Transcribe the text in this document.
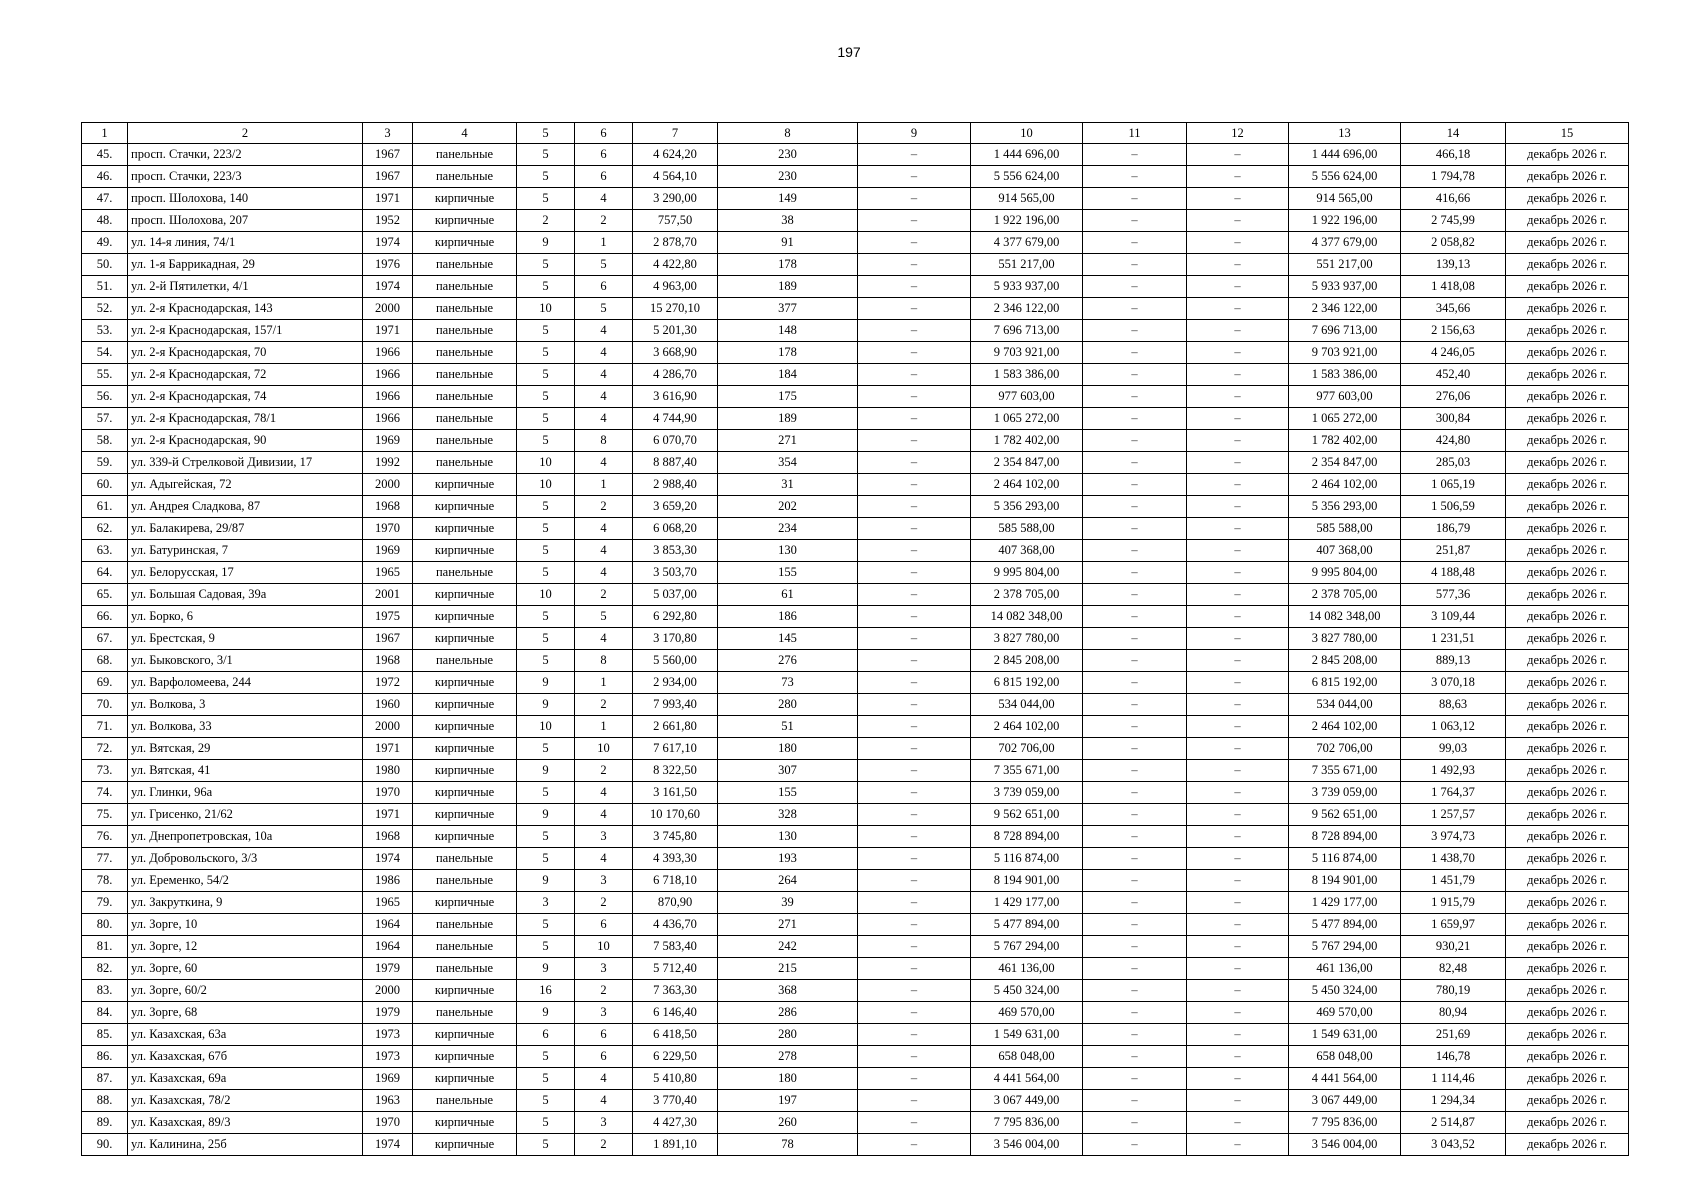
197
1	2	3	4	5	6	7	8	9	10	11	12	13	14	15
45.	просп. Стачки, 223/2	1967	панельные	5	6	4 624,20	230	–	1 444 696,00	–	–	1 444 696,00	466,18	декабрь 2026 г.
46.	просп. Стачки, 223/3	1967	панельные	5	6	4 564,10	230	–	5 556 624,00	–	–	5 556 624,00	1 794,78	декабрь 2026 г.
47.	просп. Шолохова, 140	1971	кирпичные	5	4	3 290,00	149	–	914 565,00	–	–	914 565,00	416,66	декабрь 2026 г.
48.	просп. Шолохова, 207	1952	кирпичные	2	2	757,50	38	–	1 922 196,00	–	–	1 922 196,00	2 745,99	декабрь 2026 г.
49.	ул. 14-я линия, 74/1	1974	кирпичные	9	1	2 878,70	91	–	4 377 679,00	–	–	4 377 679,00	2 058,82	декабрь 2026 г.
50.	ул. 1-я Баррикадная, 29	1976	панельные	5	5	4 422,80	178	–	551 217,00	–	–	551 217,00	139,13	декабрь 2026 г.
51.	ул. 2-й Пятилетки, 4/1	1974	панельные	5	6	4 963,00	189	–	5 933 937,00	–	–	5 933 937,00	1 418,08	декабрь 2026 г.
52.	ул. 2-я Краснодарская, 143	2000	панельные	10	5	15 270,10	377	–	2 346 122,00	–	–	2 346 122,00	345,66	декабрь 2026 г.
53.	ул. 2-я Краснодарская, 157/1	1971	панельные	5	4	5 201,30	148	–	7 696 713,00	–	–	7 696 713,00	2 156,63	декабрь 2026 г.
54.	ул. 2-я Краснодарская, 70	1966	панельные	5	4	3 668,90	178	–	9 703 921,00	–	–	9 703 921,00	4 246,05	декабрь 2026 г.
55.	ул. 2-я Краснодарская, 72	1966	панельные	5	4	4 286,70	184	–	1 583 386,00	–	–	1 583 386,00	452,40	декабрь 2026 г.
56.	ул. 2-я Краснодарская, 74	1966	панельные	5	4	3 616,90	175	–	977 603,00	–	–	977 603,00	276,06	декабрь 2026 г.
57.	ул. 2-я Краснодарская, 78/1	1966	панельные	5	4	4 744,90	189	–	1 065 272,00	–	–	1 065 272,00	300,84	декабрь 2026 г.
58.	ул. 2-я Краснодарская, 90	1969	панельные	5	8	6 070,70	271	–	1 782 402,00	–	–	1 782 402,00	424,80	декабрь 2026 г.
59.	ул. 339-й Стрелковой Дивизии, 17	1992	панельные	10	4	8 887,40	354	–	2 354 847,00	–	–	2 354 847,00	285,03	декабрь 2026 г.
60.	ул. Адыгейская, 72	2000	кирпичные	10	1	2 988,40	31	–	2 464 102,00	–	–	2 464 102,00	1 065,19	декабрь 2026 г.
61.	ул. Андрея Сладкова, 87	1968	кирпичные	5	2	3 659,20	202	–	5 356 293,00	–	–	5 356 293,00	1 506,59	декабрь 2026 г.
62.	ул. Балакирева, 29/87	1970	кирпичные	5	4	6 068,20	234	–	585 588,00	–	–	585 588,00	186,79	декабрь 2026 г.
63.	ул. Батуринская, 7	1969	кирпичные	5	4	3 853,30	130	–	407 368,00	–	–	407 368,00	251,87	декабрь 2026 г.
64.	ул. Белорусская, 17	1965	панельные	5	4	3 503,70	155	–	9 995 804,00	–	–	9 995 804,00	4 188,48	декабрь 2026 г.
65.	ул. Большая Садовая, 39а	2001	кирпичные	10	2	5 037,00	61	–	2 378 705,00	–	–	2 378 705,00	577,36	декабрь 2026 г.
66.	ул. Борко, 6	1975	кирпичные	5	5	6 292,80	186	–	14 082 348,00	–	–	14 082 348,00	3 109,44	декабрь 2026 г.
67.	ул. Брестская, 9	1967	кирпичные	5	4	3 170,80	145	–	3 827 780,00	–	–	3 827 780,00	1 231,51	декабрь 2026 г.
68.	ул. Быковского, 3/1	1968	панельные	5	8	5 560,00	276	–	2 845 208,00	–	–	2 845 208,00	889,13	декабрь 2026 г.
69.	ул. Варфоломеева, 244	1972	кирпичные	9	1	2 934,00	73	–	6 815 192,00	–	–	6 815 192,00	3 070,18	декабрь 2026 г.
70.	ул. Волкова, 3	1960	кирпичные	9	2	7 993,40	280	–	534 044,00	–	–	534 044,00	88,63	декабрь 2026 г.
71.	ул. Волкова, 33	2000	кирпичные	10	1	2 661,80	51	–	2 464 102,00	–	–	2 464 102,00	1 063,12	декабрь 2026 г.
72.	ул. Вятская, 29	1971	кирпичные	5	10	7 617,10	180	–	702 706,00	–	–	702 706,00	99,03	декабрь 2026 г.
73.	ул. Вятская, 41	1980	кирпичные	9	2	8 322,50	307	–	7 355 671,00	–	–	7 355 671,00	1 492,93	декабрь 2026 г.
74.	ул. Глинки, 96а	1970	кирпичные	5	4	3 161,50	155	–	3 739 059,00	–	–	3 739 059,00	1 764,37	декабрь 2026 г.
75.	ул. Грисенко, 21/62	1971	кирпичные	9	4	10 170,60	328	–	9 562 651,00	–	–	9 562 651,00	1 257,57	декабрь 2026 г.
76.	ул. Днепропетровская, 10а	1968	кирпичные	5	3	3 745,80	130	–	8 728 894,00	–	–	8 728 894,00	3 974,73	декабрь 2026 г.
77.	ул. Добровольского, 3/3	1974	панельные	5	4	4 393,30	193	–	5 116 874,00	–	–	5 116 874,00	1 438,70	декабрь 2026 г.
78.	ул. Еременко, 54/2	1986	панельные	9	3	6 718,10	264	–	8 194 901,00	–	–	8 194 901,00	1 451,79	декабрь 2026 г.
79.	ул. Закруткина, 9	1965	кирпичные	3	2	870,90	39	–	1 429 177,00	–	–	1 429 177,00	1 915,79	декабрь 2026 г.
80.	ул. Зорге, 10	1964	панельные	5	6	4 436,70	271	–	5 477 894,00	–	–	5 477 894,00	1 659,97	декабрь 2026 г.
81.	ул. Зорге, 12	1964	панельные	5	10	7 583,40	242	–	5 767 294,00	–	–	5 767 294,00	930,21	декабрь 2026 г.
82.	ул. Зорге, 60	1979	панельные	9	3	5 712,40	215	–	461 136,00	–	–	461 136,00	82,48	декабрь 2026 г.
83.	ул. Зорге, 60/2	2000	кирпичные	16	2	7 363,30	368	–	5 450 324,00	–	–	5 450 324,00	780,19	декабрь 2026 г.
84.	ул. Зорге, 68	1979	панельные	9	3	6 146,40	286	–	469 570,00	–	–	469 570,00	80,94	декабрь 2026 г.
85.	ул. Казахская, 63а	1973	кирпичные	6	6	6 418,50	280	–	1 549 631,00	–	–	1 549 631,00	251,69	декабрь 2026 г.
86.	ул. Казахская, 67б	1973	кирпичные	5	6	6 229,50	278	–	658 048,00	–	–	658 048,00	146,78	декабрь 2026 г.
87.	ул. Казахская, 69а	1969	кирпичные	5	4	5 410,80	180	–	4 441 564,00	–	–	4 441 564,00	1 114,46	декабрь 2026 г.
88.	ул. Казахская, 78/2	1963	панельные	5	4	3 770,40	197	–	3 067 449,00	–	–	3 067 449,00	1 294,34	декабрь 2026 г.
89.	ул. Казахская, 89/3	1970	кирпичные	5	3	4 427,30	260	–	7 795 836,00	–	–	7 795 836,00	2 514,87	декабрь 2026 г.
90.	ул. Калинина, 25б	1974	кирпичные	5	2	1 891,10	78	–	3 546 004,00	–	–	3 546 004,00	3 043,52	декабрь 2026 г.
